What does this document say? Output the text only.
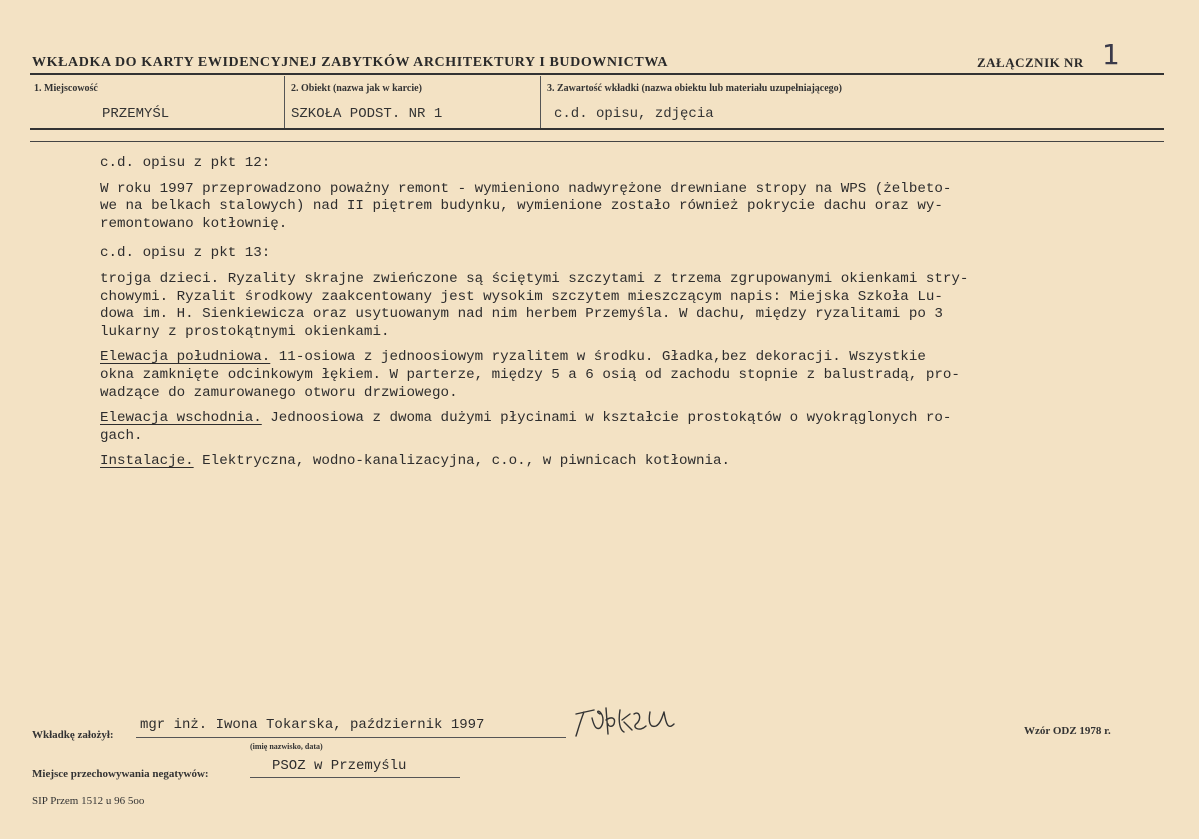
WKŁADKA DO KARTY EWIDENCYJNEJ ZABYTKÓW ARCHITEKTURY I BUDOWNICTWA	ZAŁĄCZNIK NR 1
1. Miejscowość
PRZEMYŚL
2. Obiekt (nazwa jak w karcie)
SZKOŁA PODST. NR 1
3. Zawartość wkładki (nazwa obiektu lub materiału uzupełniającego)
c.d. opisu, zdjęcia

c.d. opisu z pkt 12:

W roku 1997 przeprowadzono poważny remont - wymieniono nadwyrężone drewniane stropy na WPS (żelbeto-

we na belkach stalowych) nad II piętrem budynku, wymienione zostało również pokrycie dachu oraz wy-

remontowano kotłownię.

c.d. opisu z pkt 13:

trojga dzieci. Ryzality skrajne zwieńczone są ściętymi szczytami z trzema zgrupowanymi okienkami stry-

chowymi. Ryzalit środkowy zaakcentowany jest wysokim szczytem mieszczącym napis: Miejska Szkoła Lu-

dowa im. H. Sienkiewicza oraz usytuowanym nad nim herbem Przemyśla. W dachu, między ryzalitami po 3

lukarny z prostokątnymi okienkami.

Elewacja południowa. 11-osiowa z jednoosiowym ryzalitem w środku. Gładka,bez dekoracji. Wszystkie

okna zamknięte odcinkowym łękiem. W parterze, między 5 a 6 osią od zachodu stopnie z balustradą, pro-

wadzące do zamurowanego otworu drzwiowego.

Elewacja wschodnia. Jednoosiowa z dwoma dużymi płycinami w kształcie prostokątów o wyokrąglonych ro-

gach.

Instalacje. Elektryczna, wodno-kanalizacyjna, c.o., w piwnicach kotłownia.

Wkładkę założył:
mgr inż. Iwona Tokarska, październik 1997
(imię nazwisko, data)
Wzór ODZ 1978 r.
Miejsce przechowywania negatywów:	PSOZ w Przemyślu
SIP Przem 1512 u 96 5oo
